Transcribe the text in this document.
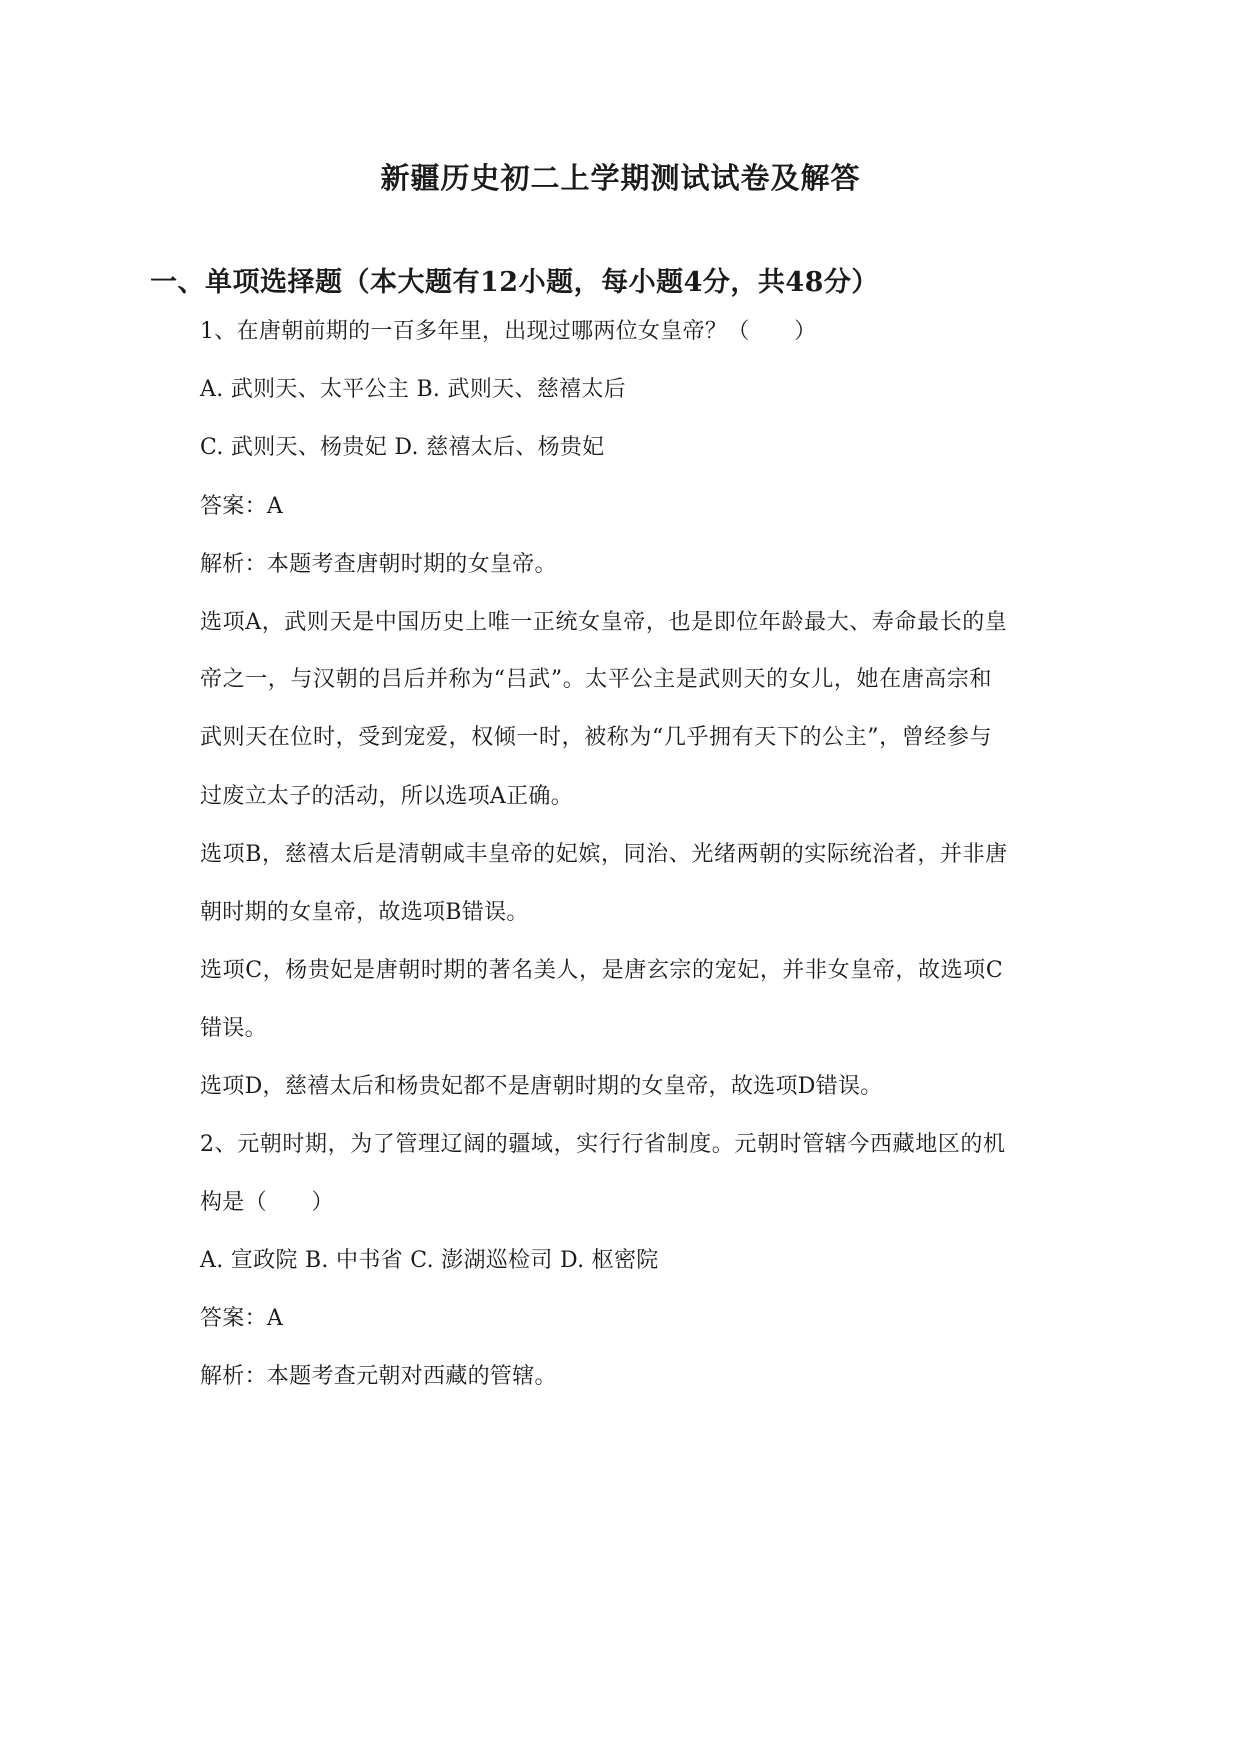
新疆历史初二上学期测试试卷及解答
一、单项选择题（本大题有12小题，每小题4分，共48分）

1、在唐朝前期的一百多年里，出现过哪两位女皇帝？（　　）

A. 武则天、太平公主 B. 武则天、慈禧太后

C. 武则天、杨贵妃 D. 慈禧太后、杨贵妃

答案：A

解析：本题考查唐朝时期的女皇帝。

选项A，武则天是中国历史上唯一正统女皇帝，也是即位年龄最大、寿命最长的皇

帝之一，与汉朝的吕后并称为“吕武”。太平公主是武则天的女儿，她在唐高宗和

武则天在位时，受到宠爱，权倾一时，被称为“几乎拥有天下的公主”，曾经参与

过废立太子的活动，所以选项A正确。

选项B，慈禧太后是清朝咸丰皇帝的妃嫔，同治、光绪两朝的实际统治者，并非唐

朝时期的女皇帝，故选项B错误。

选项C，杨贵妃是唐朝时期的著名美人，是唐玄宗的宠妃，并非女皇帝，故选项C

错误。

选项D，慈禧太后和杨贵妃都不是唐朝时期的女皇帝，故选项D错误。

2、元朝时期，为了管理辽阔的疆域，实行行省制度。元朝时管辖今西藏地区的机

构是（　　）

A. 宣政院 B. 中书省 C. 澎湖巡检司 D. 枢密院

答案：A

解析：本题考查元朝对西藏的管辖。
